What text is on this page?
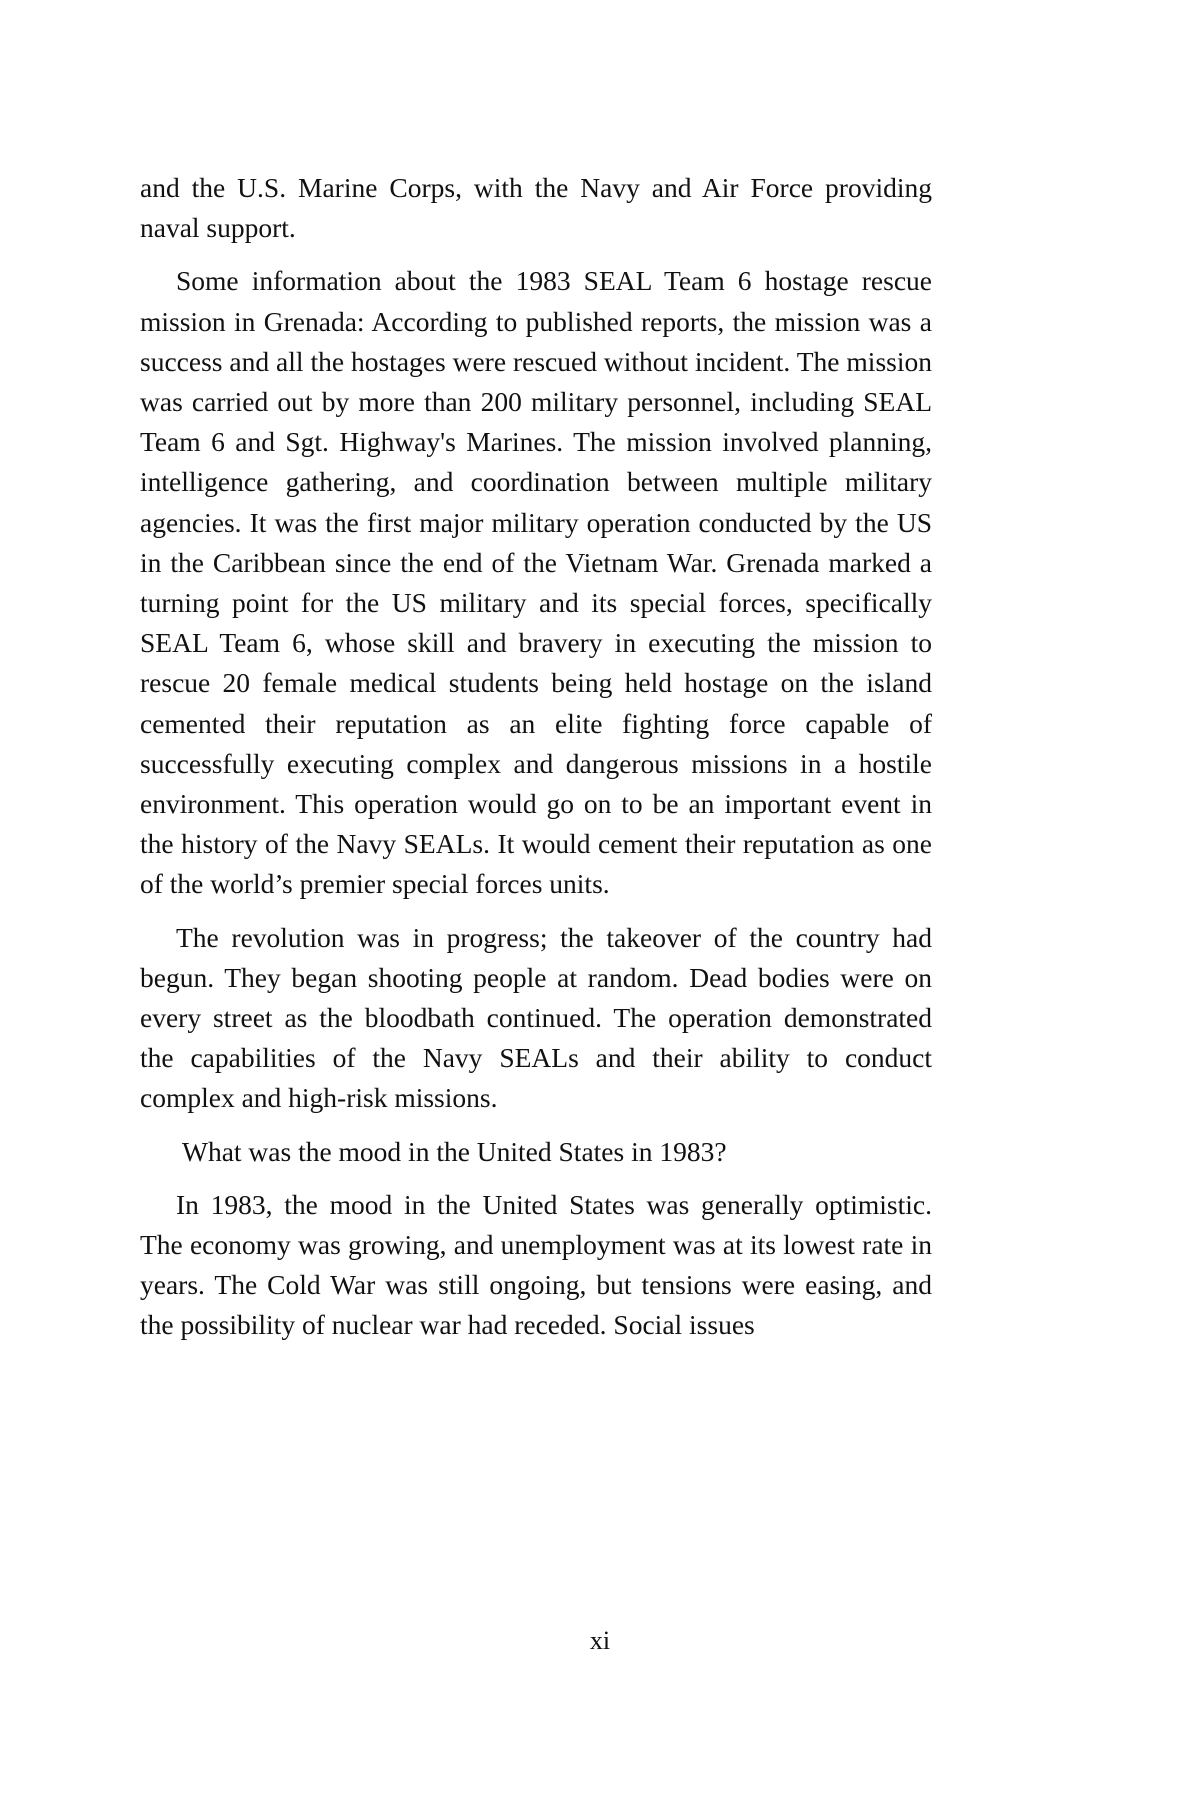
and the U.S. Marine Corps, with the Navy and Air Force providing naval support.

Some information about the 1983 SEAL Team 6 hostage rescue mission in Grenada: According to published reports, the mission was a success and all the hostages were rescued without incident. The mission was carried out by more than 200 military personnel, including SEAL Team 6 and Sgt. Highway's Marines. The mission involved planning, intelligence gathering, and coordination between multiple military agencies. It was the first major military operation conducted by the US in the Caribbean since the end of the Vietnam War. Grenada marked a turning point for the US military and its special forces, specifically SEAL Team 6, whose skill and bravery in executing the mission to rescue 20 female medical students being held hostage on the island cemented their reputation as an elite fighting force capable of successfully executing complex and dangerous missions in a hostile environment. This operation would go on to be an important event in the history of the Navy SEALs. It would cement their reputation as one of the world’s premier special forces units.

The revolution was in progress; the takeover of the country had begun. They began shooting people at random. Dead bodies were on every street as the bloodbath continued. The operation demonstrated the capabilities of the Navy SEALs and their ability to conduct complex and high-risk missions.

What was the mood in the United States in 1983?

In 1983, the mood in the United States was generally optimistic. The economy was growing, and unemployment was at its lowest rate in years. The Cold War was still ongoing, but tensions were easing, and the possibility of nuclear war had receded. Social issues

xi
